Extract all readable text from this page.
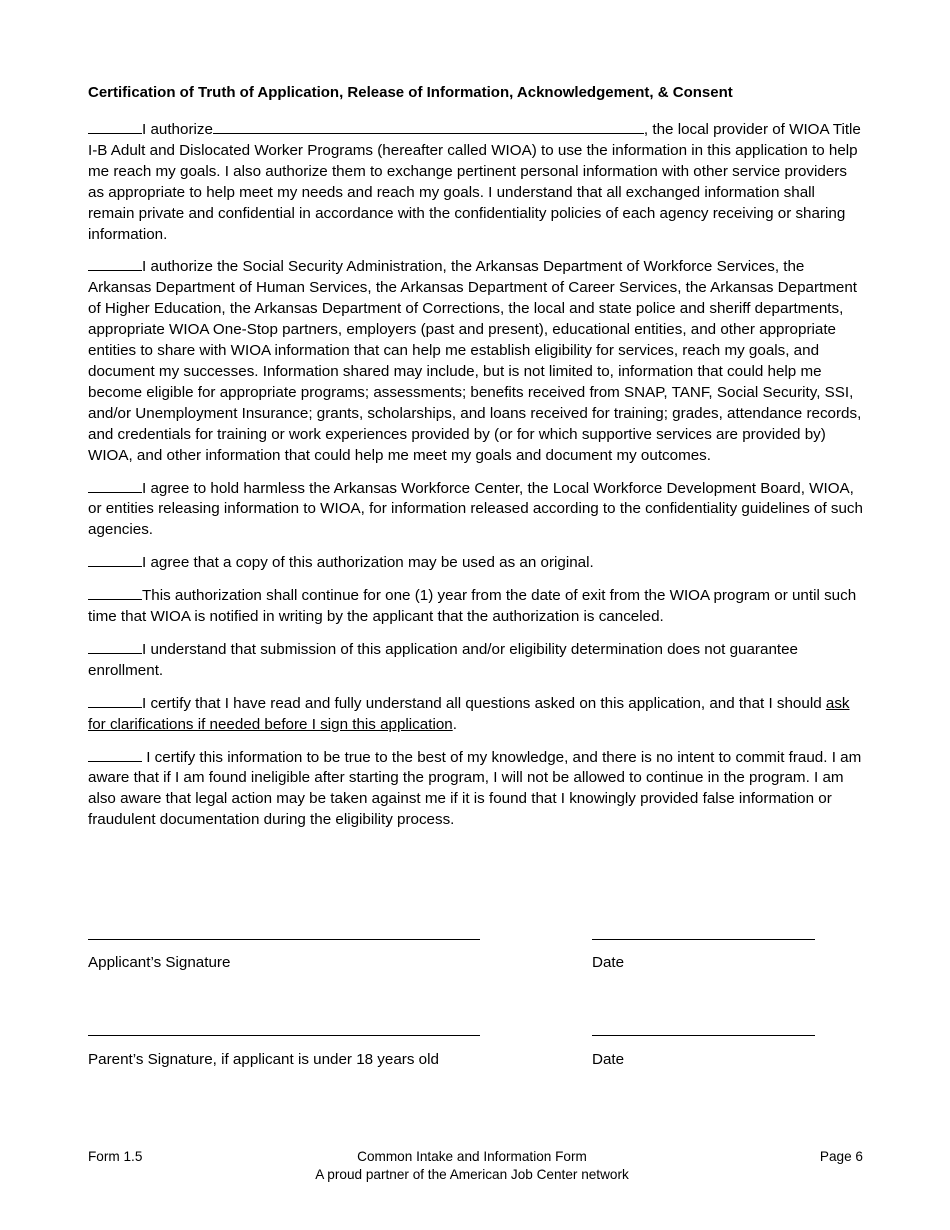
Certification of Truth of Application, Release of Information, Acknowledgement, & Consent

I authorize	, the local provider of WIOA Title I-B Adult and Dislocated Worker Programs (hereafter called WIOA) to use the information in this application to help me reach my goals. I also authorize them to exchange pertinent personal information with other service providers as appropriate to help meet my needs and reach my goals. I understand that all exchanged information shall remain private and confidential in accordance with the confidentiality policies of each agency receiving or sharing information.

I authorize the Social Security Administration, the Arkansas Department of Workforce Services, the Arkansas Department of Human Services, the Arkansas Department of Career Services, the Arkansas Department of Higher Education, the Arkansas Department of Corrections, the local and state police and sheriff departments, appropriate WIOA One-Stop partners, employers (past and present), educational entities, and other appropriate entities to share with WIOA information that can help me establish eligibility for services, reach my goals, and document my successes. Information shared may include, but is not limited to, information that could help me become eligible for appropriate programs; assessments; benefits received from SNAP, TANF, Social Security, SSI, and/or Unemployment Insurance; grants, scholarships, and loans received for training; grades, attendance records, and credentials for training or work experiences provided by (or for which supportive services are provided by) WIOA, and other information that could help me meet my goals and document my outcomes.

I agree to hold harmless the Arkansas Workforce Center, the Local Workforce Development Board, WIOA, or entities releasing information to WIOA, for information released according to the confidentiality guidelines of such agencies.

I agree that a copy of this authorization may be used as an original.

This authorization shall continue for one (1) year from the date of exit from the WIOA program or until such time that WIOA is notified in writing by the applicant that the authorization is canceled.

I understand that submission of this application and/or eligibility determination does not guarantee enrollment.

I certify that I have read and fully understand all questions asked on this application, and that I should ask for clarifications if needed before I sign this application.

I certify this information to be true to the best of my knowledge, and there is no intent to commit fraud. I am aware that if I am found ineligible after starting the program, I will not be allowed to continue in the program. I am also aware that legal action may be taken against me if it is found that I knowingly provided false information or fraudulent documentation during the eligibility process.

Applicant’s Signature	Date
Parent’s Signature, if applicant is under 18 years old	Date
Form 1.5	Common Intake and Information Form
A proud partner of the American Job Center network
Page 6
